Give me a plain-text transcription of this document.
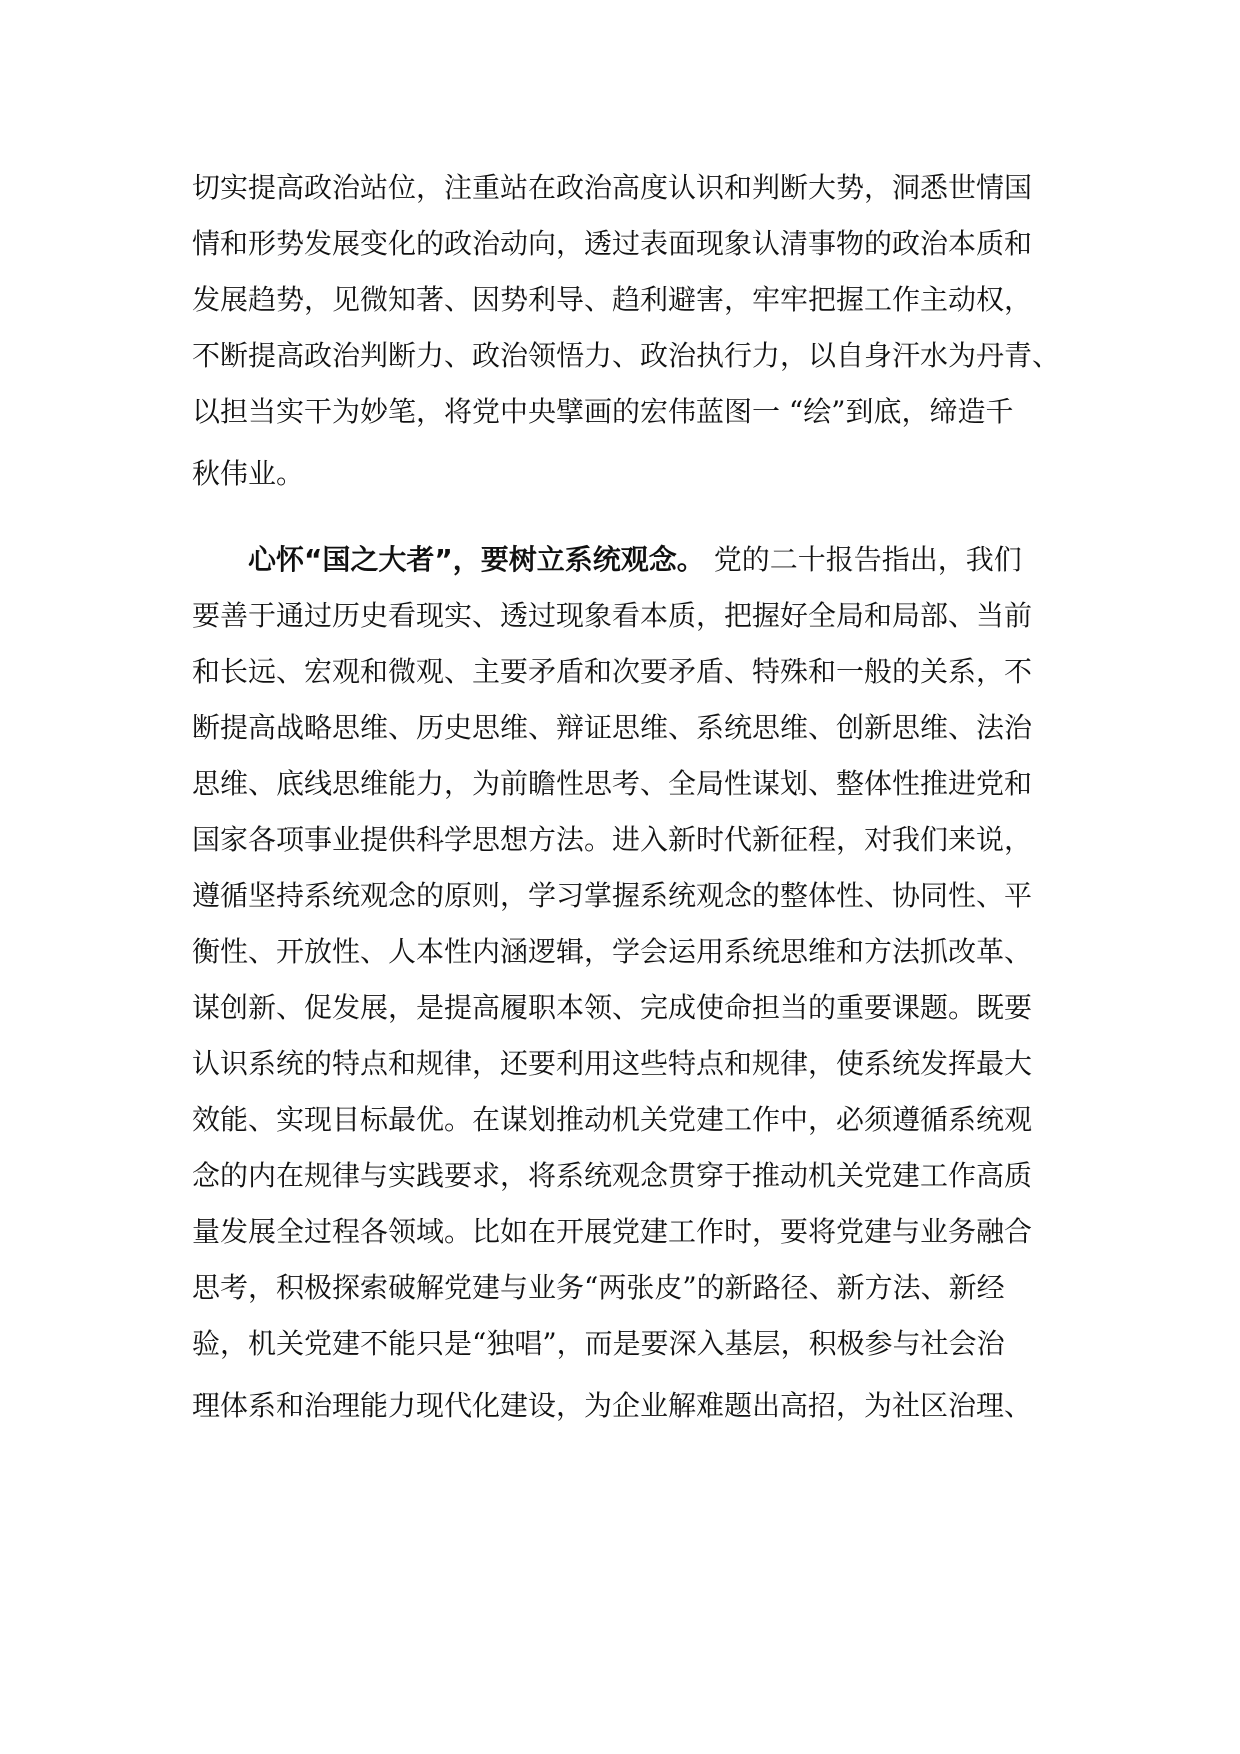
切实提高政治站位，注重站在政治高度认识和判断大势，洞悉世情国
情和形势发展变化的政治动向，透过表面现象认清事物的政治本质和
发展趋势，见微知著、因势利导、趋利避害，牢牢把握工作主动权，
不断提高政治判断力、政治领悟力、政治执行力，以自身汗水为丹青、
以担当实干为妙笔，将党中央擘画的宏伟蓝图一 “绘”到底，缔造千
秋伟业。
心怀“国之大者”，要树立系统观念。 党的二十报告指出，我们
要善于通过历史看现实、透过现象看本质，把握好全局和局部、当前
和长远、宏观和微观、主要矛盾和次要矛盾、特殊和一般的关系，不
断提高战略思维、历史思维、辩证思维、系统思维、创新思维、法治
思维、底线思维能力，为前瞻性思考、全局性谋划、整体性推进党和
国家各项事业提供科学思想方法。进入新时代新征程，对我们来说，
遵循坚持系统观念的原则，学习掌握系统观念的整体性、协同性、平
衡性、开放性、人本性内涵逻辑，学会运用系统思维和方法抓改革、
谋创新、促发展，是提高履职本领、完成使命担当的重要课题。既要
认识系统的特点和规律，还要利用这些特点和规律，使系统发挥最大
效能、实现目标最优。在谋划推动机关党建工作中，必须遵循系统观
念的内在规律与实践要求，将系统观念贯穿于推动机关党建工作高质
量发展全过程各领域。比如在开展党建工作时，要将党建与业务融合
思考，积极探索破解党建与业务“两张皮”的新路径、新方法、新经
验，机关党建不能只是“独唱”，而是要深入基层，积极参与社会治
理体系和治理能力现代化建设，为企业解难题出高招，为社区治理、
